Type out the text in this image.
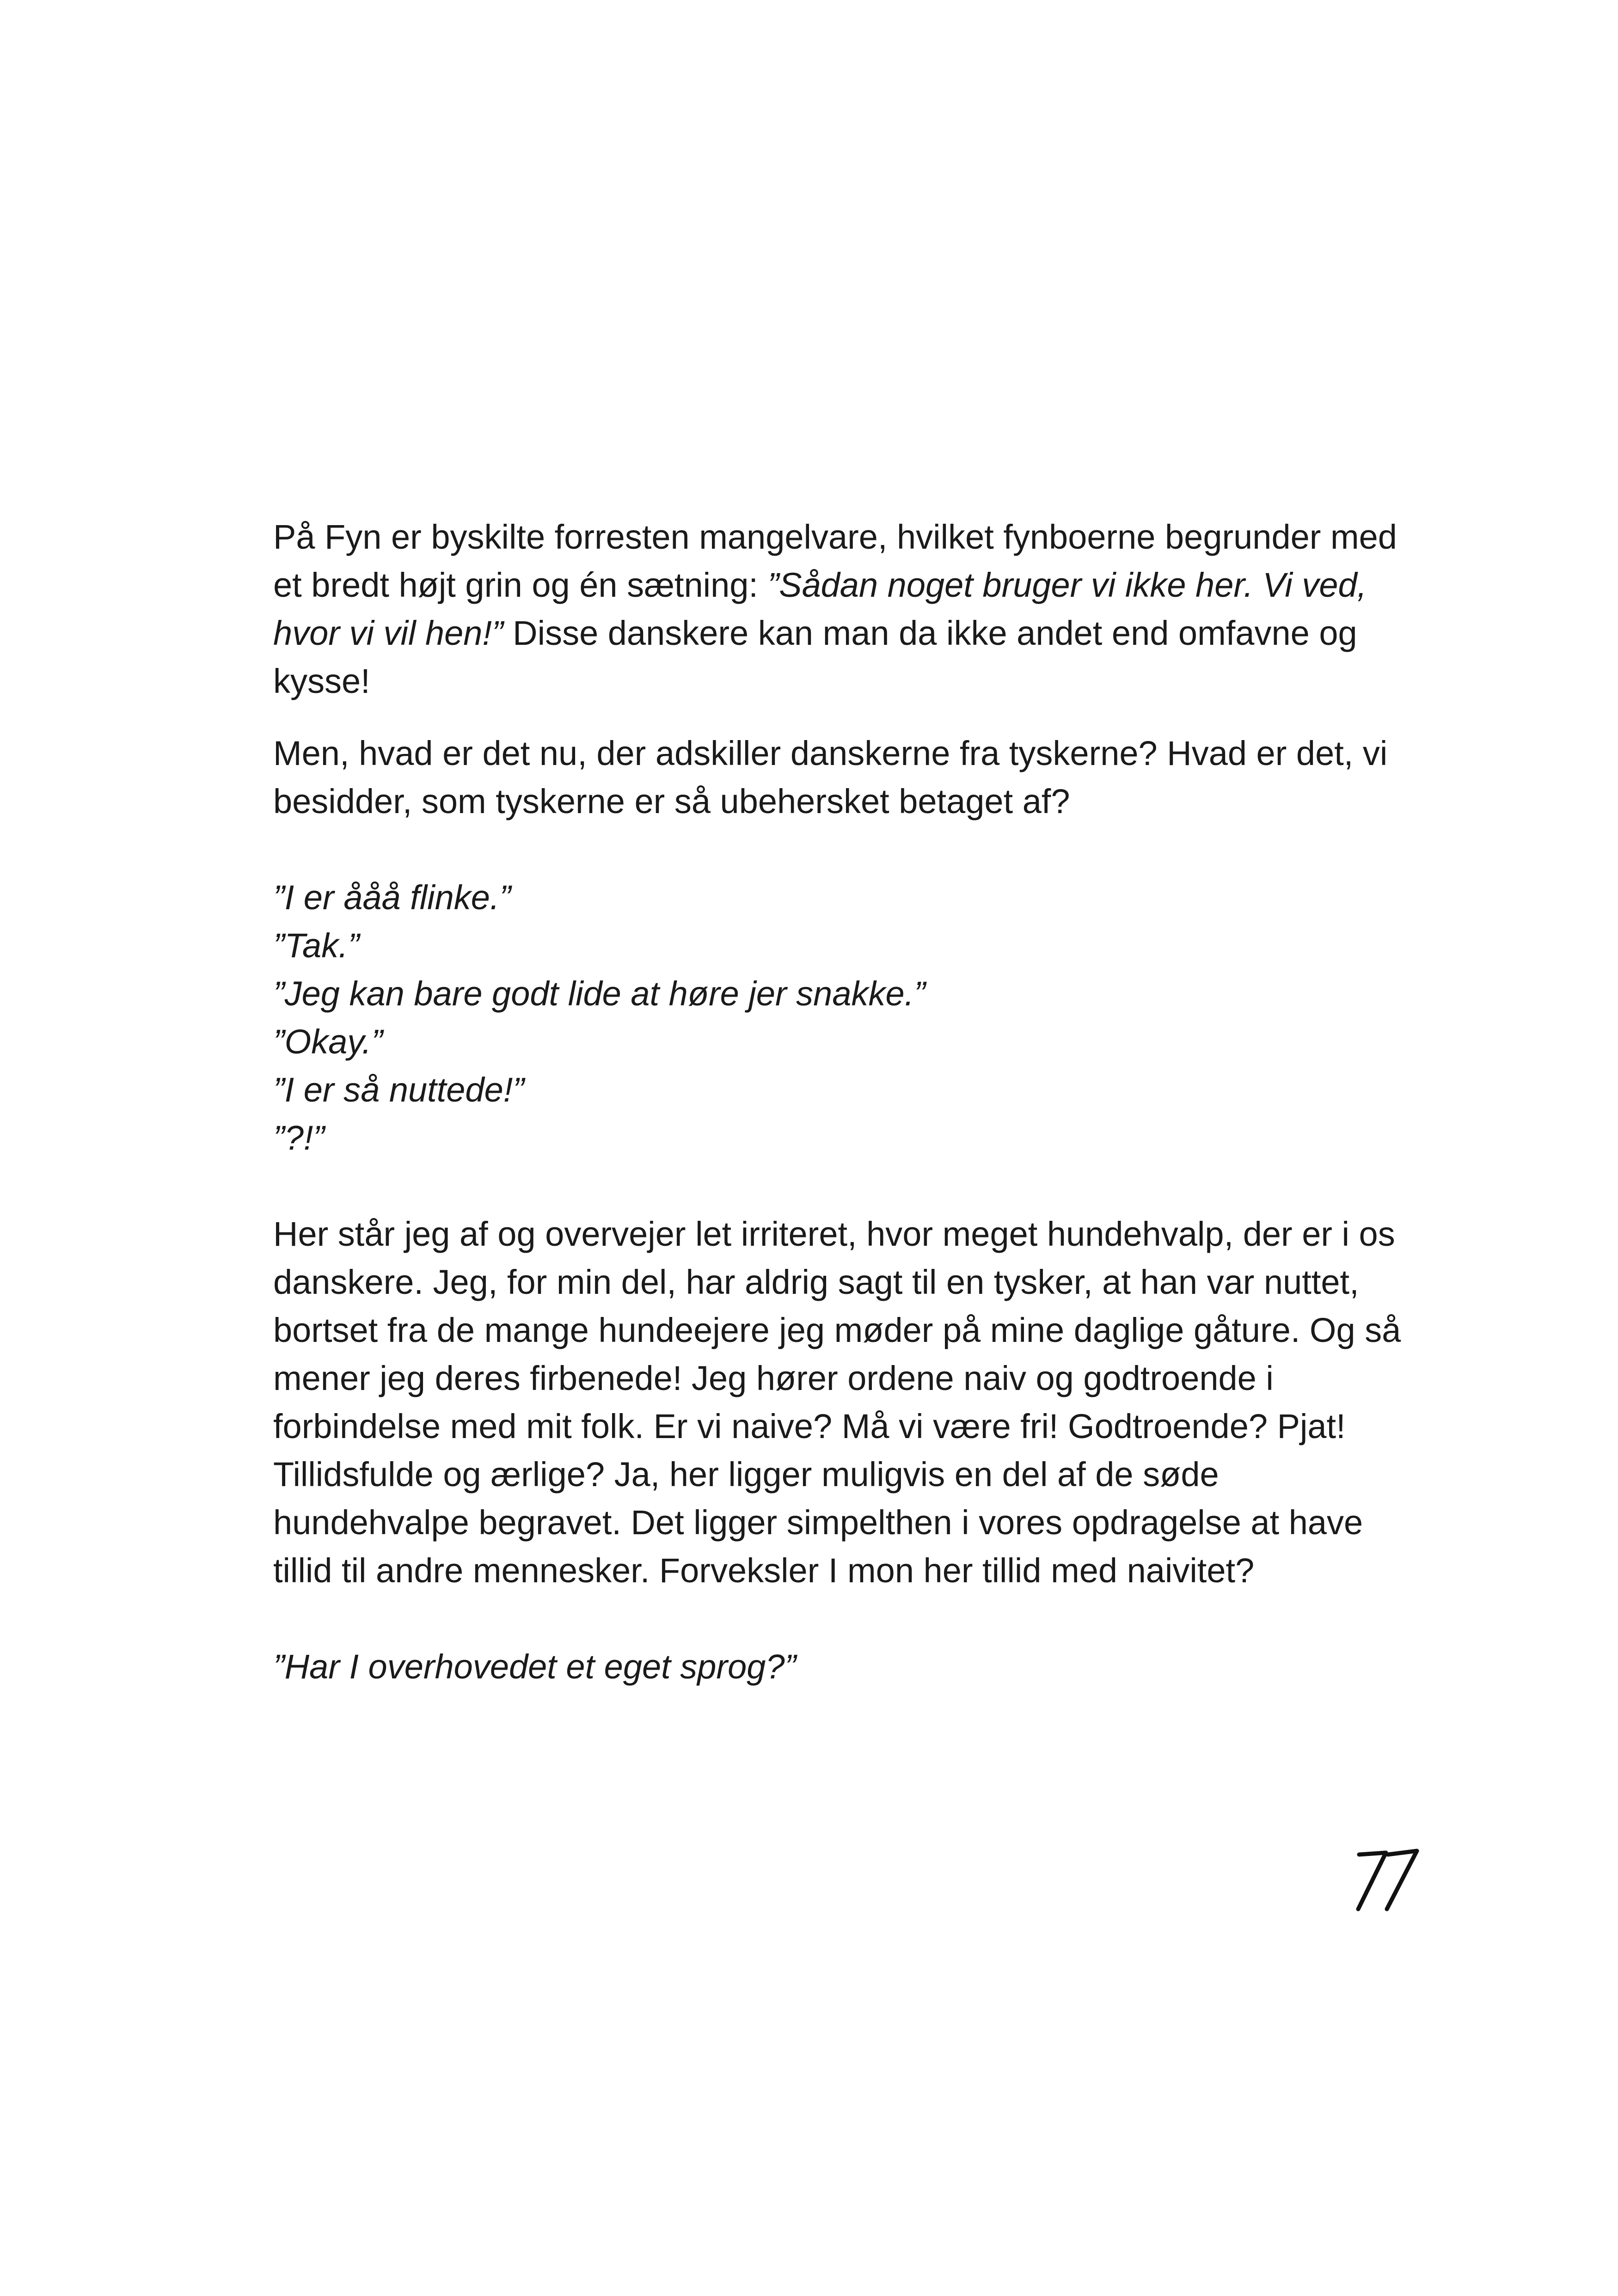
På Fyn er byskilte forresten mangelvare, hvilket fynboerne begrunder med et bredt højt grin og én sætning: ”Sådan noget bruger vi ikke her. Vi ved, hvor vi vil hen!” Disse danskere kan man da ikke andet end omfavne og kysse!

Men, hvad er det nu, der adskiller danskerne fra tyskerne? Hvad er det, vi besidder, som tyskerne er så ubehersket betaget af?

”I er ååå flinke.”
”Tak.”
”Jeg kan bare godt lide at høre jer snakke.”
”Okay.”
”I er så nuttede!”
”?!”

Her står jeg af og overvejer let irriteret, hvor meget hundehvalp, der er i os danskere. Jeg, for min del, har aldrig sagt til en tysker, at han var nuttet, bortset fra de mange hundeejere jeg møder på mine daglige gåture. Og så mener jeg deres firbenede! Jeg hører ordene naiv og godtroende i forbindelse med mit folk. Er vi naive? Må vi være fri! Godtroende? Pjat! Tillidsfulde og ærlige? Ja, her ligger muligvis en del af de søde hundehvalpe begravet. Det ligger simpelthen i vores opdragelse at have tillid til andre mennesker. Forveksler I mon her tillid med naivitet?

”Har I overhovedet et eget sprog?”
